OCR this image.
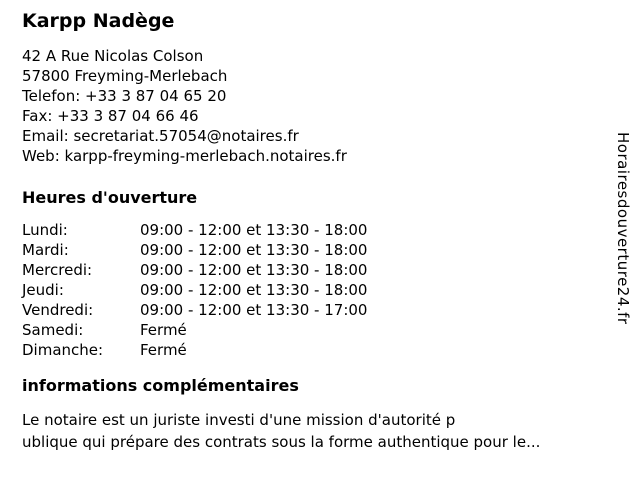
Karpp Nadège
42 A Rue Nicolas Colson
57800 Freyming-Merlebach
Telefon: +33 3 87 04 65 20
Fax: +33 3 87 04 66 46
Email: secretariat.57054@notaires.fr
Web: karpp-freyming-merlebach.notaires.fr
Heures d'ouverture
Lundi:	09:00 - 12:00 et 13:30 - 18:00
Mardi:	09:00 - 12:00 et 13:30 - 18:00
Mercredi:	09:00 - 12:00 et 13:30 - 18:00
Jeudi:	09:00 - 12:00 et 13:30 - 18:00
Vendredi:	09:00 - 12:00 et 13:30 - 17:00
Samedi:	Fermé
Dimanche:	Fermé
informations complémentaires
Le notaire est un juriste investi d'une mission d'autorité p
ublique qui prépare des contrats sous la forme authentique pour le...
Horairesdouverture24.fr
